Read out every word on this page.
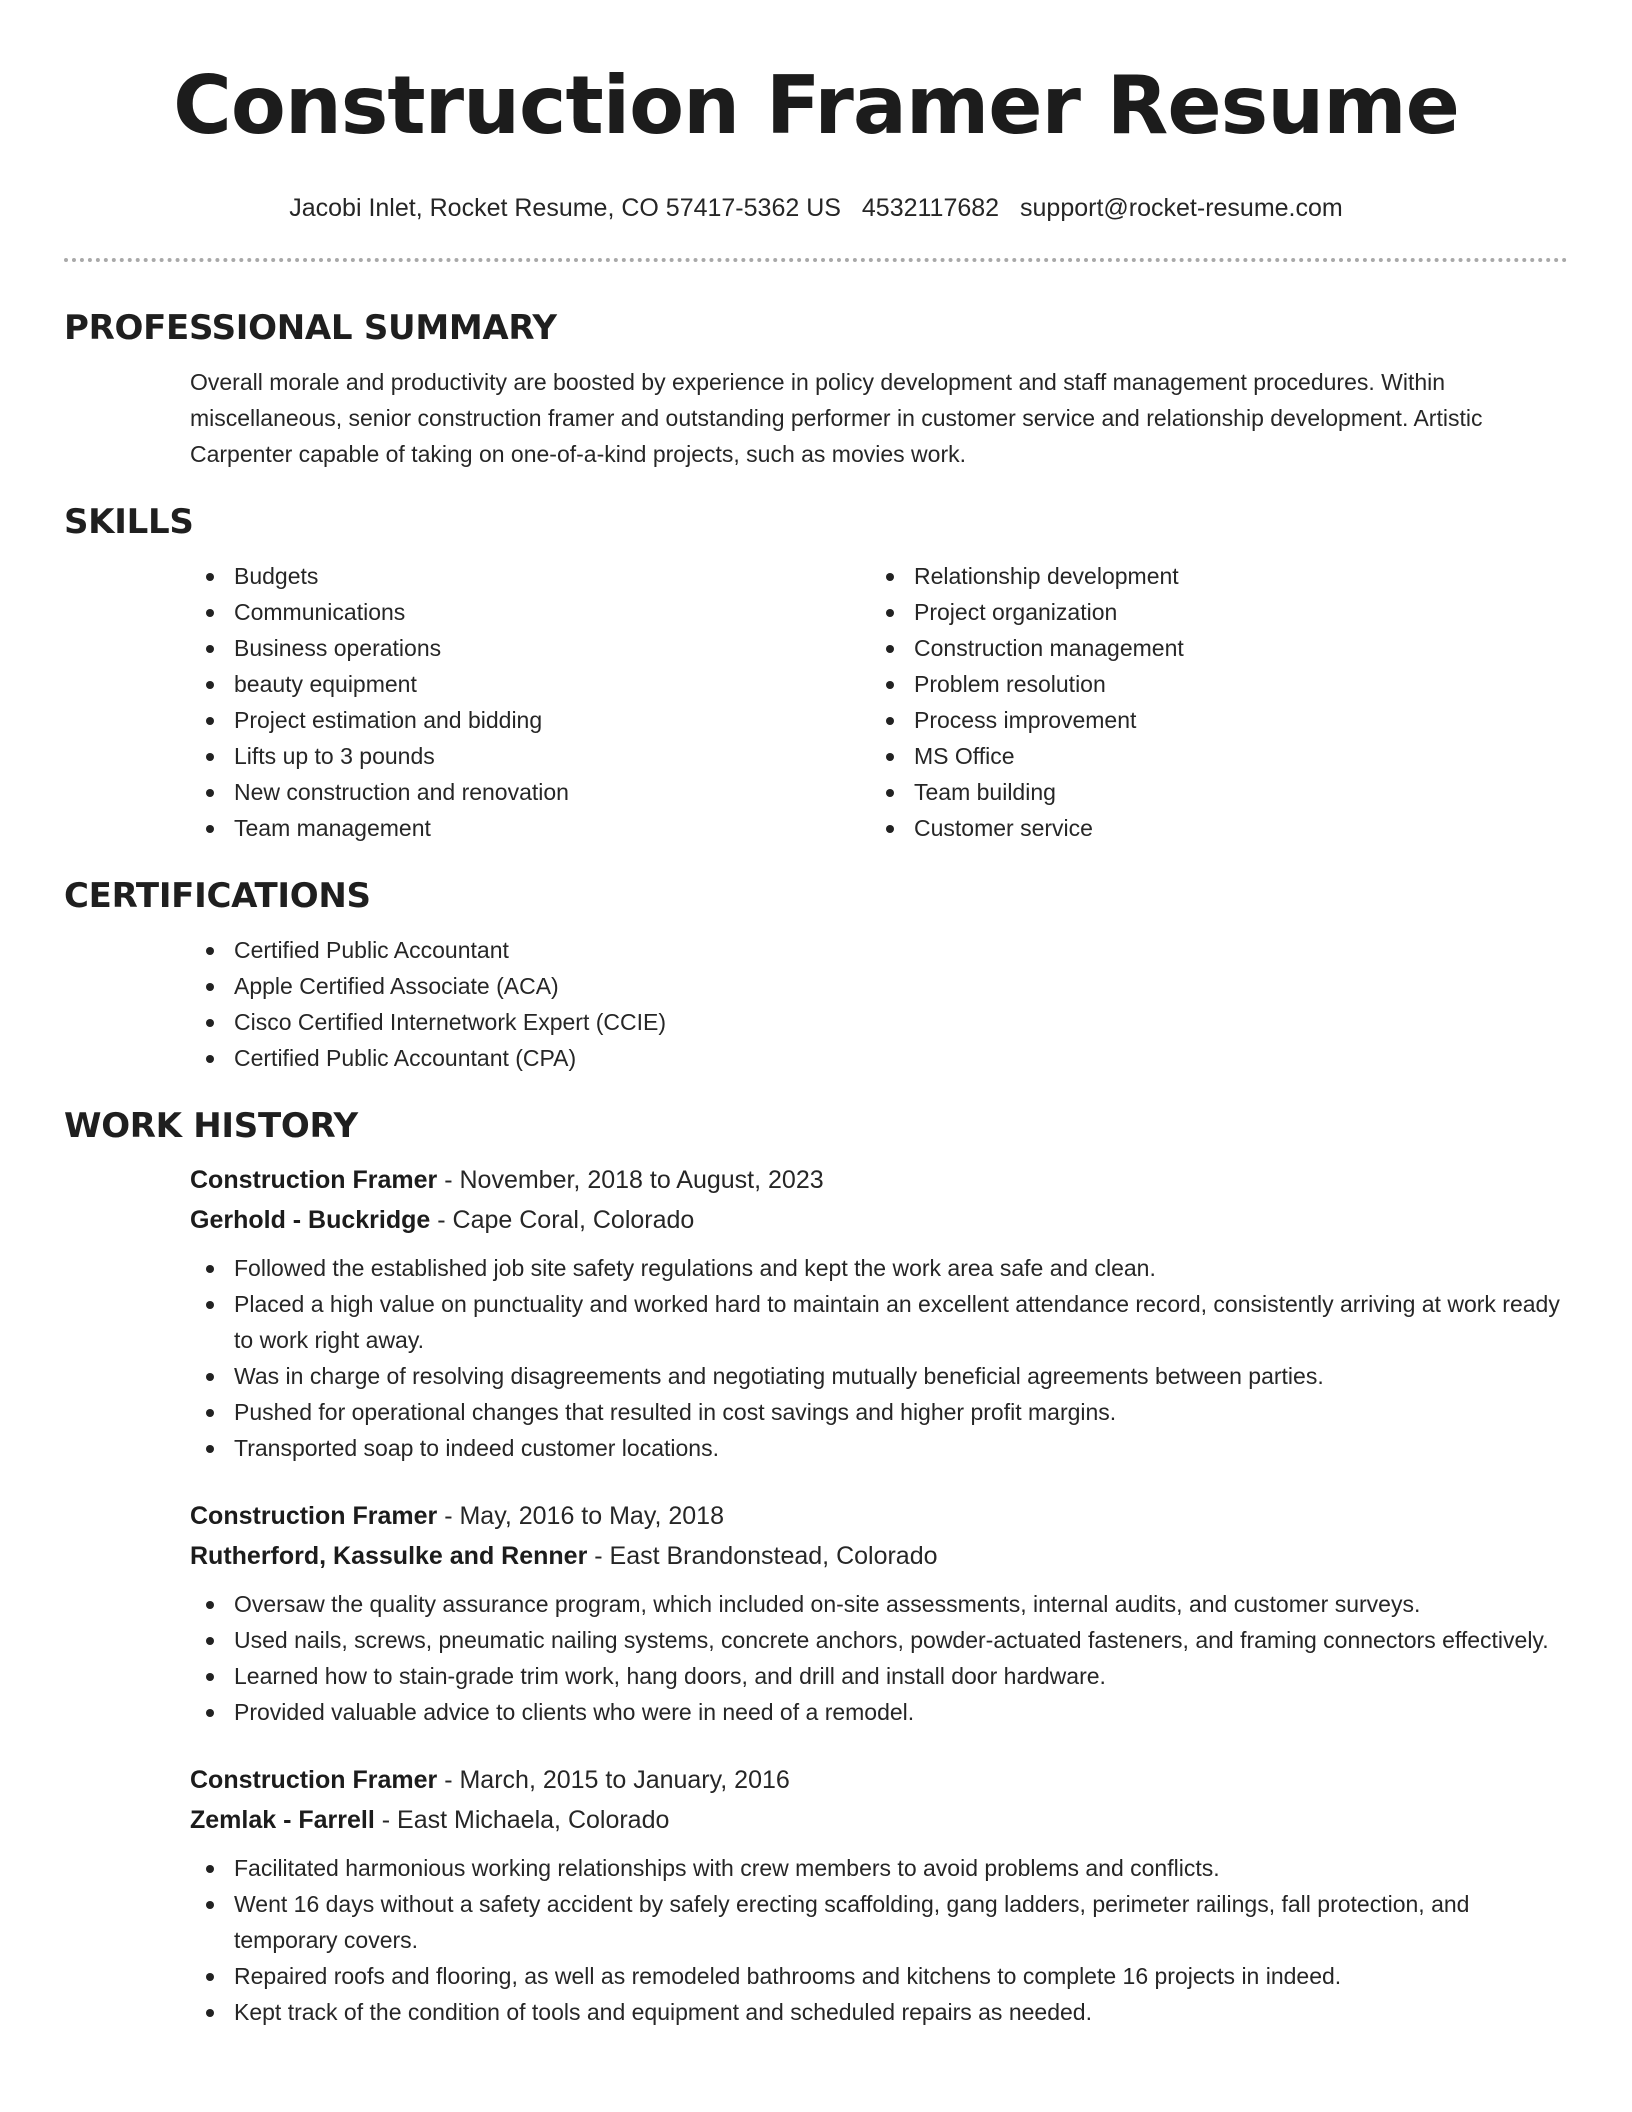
Construction Framer Resume
Jacobi Inlet, Rocket Resume, CO 57417-5362 US 4532117682 support@rocket-resume.com
PROFESSIONAL SUMMARY

Overall morale and productivity are boosted by experience in policy development and staff management procedures. Within miscellaneous, senior construction framer and outstanding performer in customer service and relationship development. Artistic Carpenter capable of taking on one-of-a-kind projects, such as movies work.

SKILLS
Budgets
Communications
Business operations
beauty equipment
Project estimation and bidding
Lifts up to 3 pounds
New construction and renovation
Team management
Relationship development
Project organization
Construction management
Problem resolution
Process improvement
MS Office
Team building
Customer service
CERTIFICATIONS
Certified Public Accountant
Apple Certified Associate (ACA)
Cisco Certified Internetwork Expert (CCIE)
Certified Public Accountant (CPA)
WORK HISTORY
Construction Framer - November, 2018 to August, 2023
Gerhold - Buckridge - Cape Coral, Colorado
Followed the established job site safety regulations and kept the work area safe and clean.
Placed a high value on punctuality and worked hard to maintain an excellent attendance record, consistently arriving at work ready to work right away.
Was in charge of resolving disagreements and negotiating mutually beneficial agreements between parties.
Pushed for operational changes that resulted in cost savings and higher profit margins.
Transported soap to indeed customer locations.
Construction Framer - May, 2016 to May, 2018
Rutherford, Kassulke and Renner - East Brandonstead, Colorado
Oversaw the quality assurance program, which included on-site assessments, internal audits, and customer surveys.
Used nails, screws, pneumatic nailing systems, concrete anchors, powder-actuated fasteners, and framing connectors effectively.
Learned how to stain-grade trim work, hang doors, and drill and install door hardware.
Provided valuable advice to clients who were in need of a remodel.
Construction Framer - March, 2015 to January, 2016
Zemlak - Farrell - East Michaela, Colorado
Facilitated harmonious working relationships with crew members to avoid problems and conflicts.
Went 16 days without a safety accident by safely erecting scaffolding, gang ladders, perimeter railings, fall protection, and temporary covers.
Repaired roofs and flooring, as well as remodeled bathrooms and kitchens to complete 16 projects in indeed.
Kept track of the condition of tools and equipment and scheduled repairs as needed.
